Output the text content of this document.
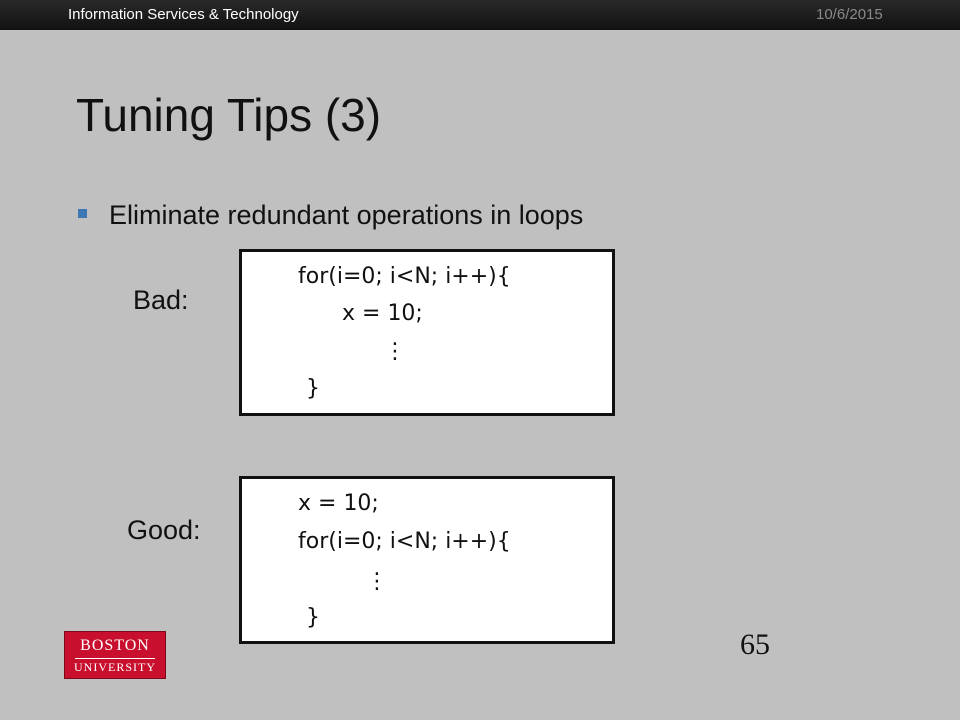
Information Services & Technology	10/6/2015
Tuning Tips (3)
Eliminate redundant operations in loops
Bad:
for(i=0; i<N; i++){
x = 10;
⋮
}
Good:
x = 10;
for(i=0; i<N; i++){
⋮
}
BOSTON
UNIVERSITY
65
